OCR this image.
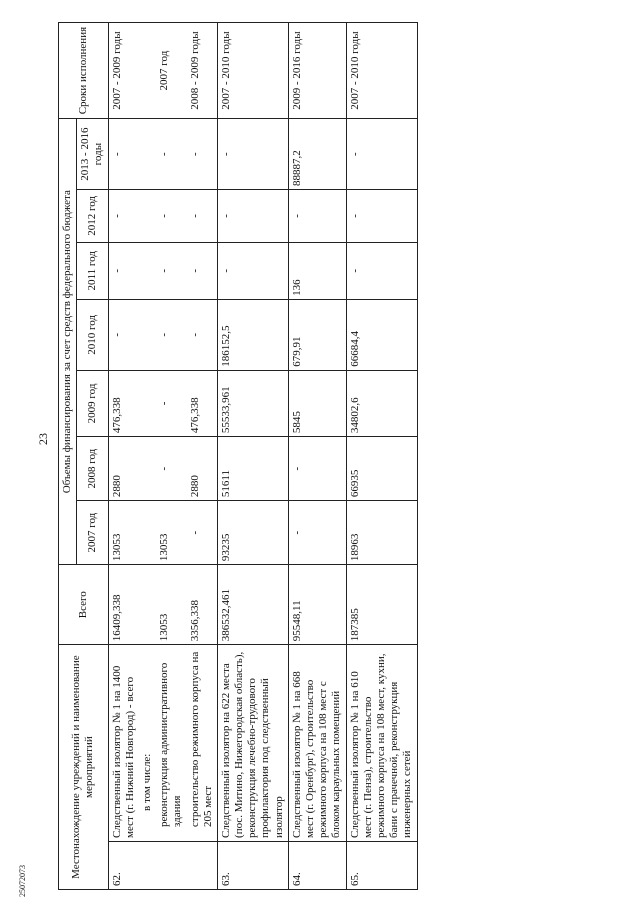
23
25072073
Местонахождение учреждений и наименование мероприятий		Всего	Объемы финансирования за счет средств федерального бюджета							Сроки исполнения
			2007 год	2008 год	2009 год	2010 год	2011 год	2012 год	2013 - 2016 годы	
62.	Следственный изолятор № 1 на 1400 мест (г. Нижний Новгород) - всего	16409,338	13053	2880	476,338	-	-	-	-	2007 - 2009 годы
	в том числе:									
	реконструкция административного здания	13053	13053	-	-	-	-	-	-	2007 год
	строительство режимного корпуса на 205 мест	3356,338	-	2880	476,338	-	-	-	-	2008 - 2009 годы
63.	Следственный изолятор на 622 места (пос. Митино, Нижегородская область), реконструкция лечебно-трудового профилактория под следственный изолятор	386532,461	93235	51611	55533,961	186152,5	-	-	-	2007 - 2010 годы
64.	Следственный изолятор № 1 на 668 мест (г. Оренбург), строительство режимного корпуса на 108 мест с блоком караульных помещений	95548,11	-	-	5845	679,91	136	-	88887,2	2009 - 2016 годы
65.	Следственный изолятор № 1 на 610 мест (г. Пенза), строительство режимного корпуса на 108 мест, кухни, бани с прачечной, реконструкция инженерных сетей	187385	18963	66935	34802,6	66684,4	-	-	-	2007 - 2010 годы
